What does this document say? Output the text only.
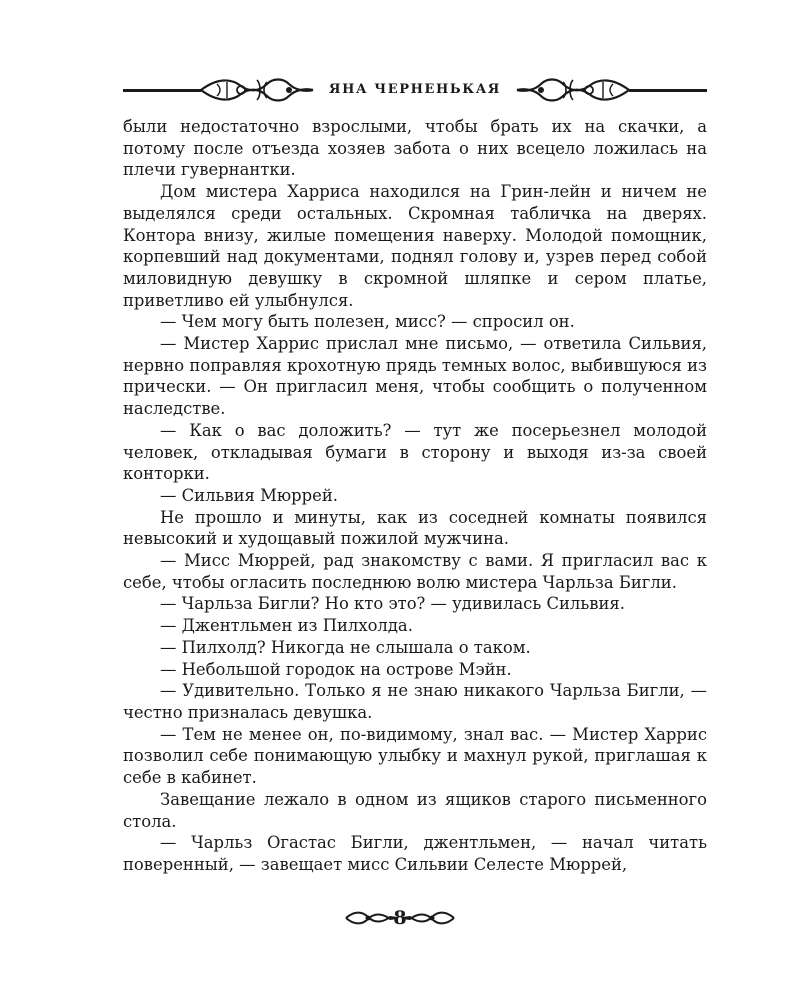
ЯНА ЧЕРНЕНЬКАЯ

были недостаточно взрослыми, чтобы брать их на скачки, а потому после отъезда хозяев забота о них всецело ложилась на плечи гувернантки.

Дом мистера Харриса находился на Грин-лейн и ничем не выделялся среди остальных. Скромная табличка на дверях. Контора внизу, жилые помещения наверху. Молодой помощник, корпевший над документами, поднял голову и, узрев перед собой миловидную девушку в скромной шляпке и сером платье, приветливо ей улыбнулся.

— Чем могу быть полезен, мисс? — спросил он.

— Мистер Харрис прислал мне письмо, — ответила Сильвия, нервно поправляя крохотную прядь темных волос, выбившуюся из прически. — Он пригласил меня, чтобы сообщить о полученном наследстве.

— Как о вас доложить? — тут же посерьезнел молодой человек, откладывая бумаги в сторону и выходя из-за своей конторки.

— Сильвия Мюррей.

Не прошло и минуты, как из соседней комнаты появился невысокий и худощавый пожилой мужчина.

— Мисс Мюррей, рад знакомству с вами. Я пригласил вас к себе, чтобы огласить последнюю волю мистера Чарльза Бигли.

— Чарльза Бигли? Но кто это? — удивилась Сильвия.

— Джентльмен из Пилхолда.

— Пилхолд? Никогда не слышала о таком.

— Небольшой городок на острове Мэйн.

— Удивительно. Только я не знаю никакого Чарльза Бигли, — честно призналась девушка.

— Тем не менее он, по-видимому, знал вас. — Мистер Харрис позволил себе понимающую улыбку и махнул рукой, приглашая к себе в кабинет.

Завещание лежало в одном из ящиков старого письменного стола.

— Чарльз Огастас Бигли, джентльмен, — начал читать поверенный, — завещает мисс Сильвии Селесте Мюррей,

8
